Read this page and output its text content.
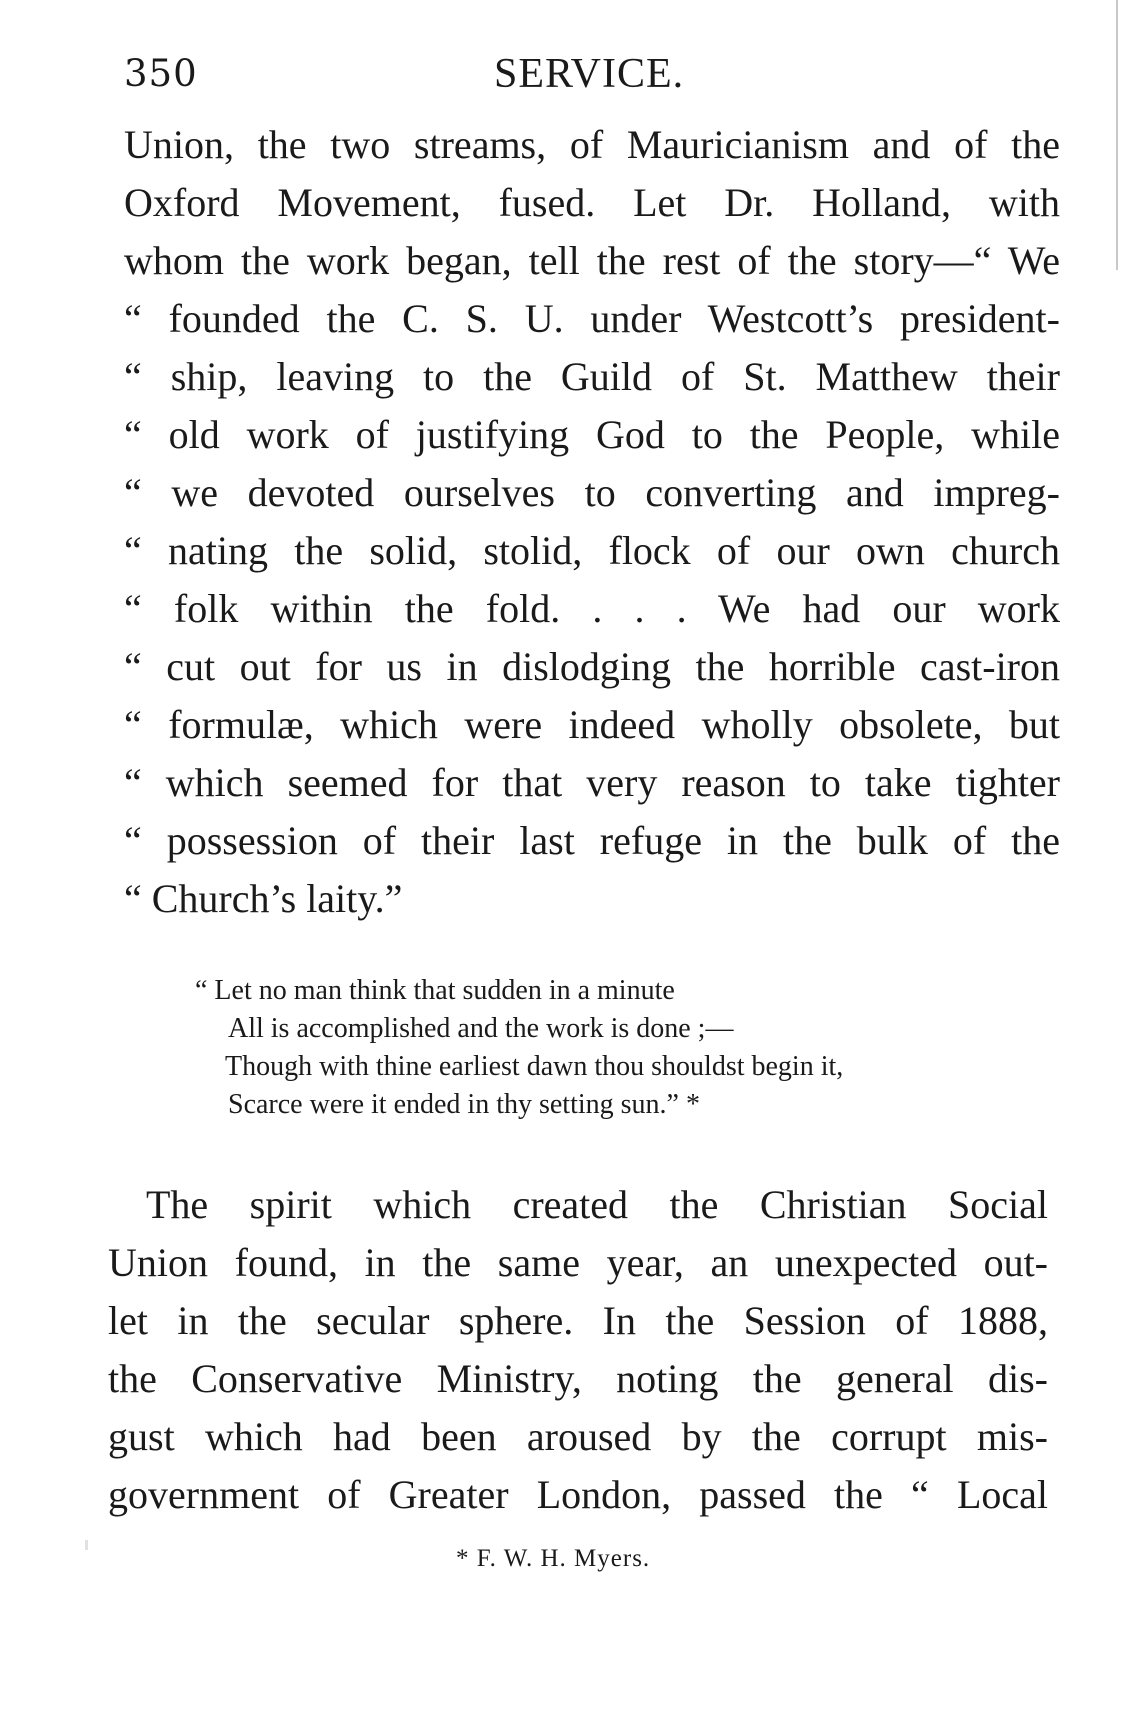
350	SERVICE.
Union, the two streams, of Mauricianism and of the
Oxford Movement, fused. Let Dr. Holland, with
whom the work began, tell the rest of the story—“ We
“ founded the C. S. U. under Westcott’s president-
“ ship, leaving to the Guild of St. Matthew their
“ old work of justifying God to the People, while
“ we devoted ourselves to converting and impreg-
“ nating the solid, stolid, flock of our own church
“ folk within the fold. . . . We had our work
“ cut out for us in dislodging the horrible cast-iron
“ formulæ, which were indeed wholly obsolete, but
“ which seemed for that very reason to take tighter
“ possession of their last refuge in the bulk of the
“ Church’s laity.”
“ Let no man think that sudden in a minute
All is accomplished and the work is done ;—
Though with thine earliest dawn thou shouldst begin it,
Scarce were it ended in thy setting sun.” *
The spirit which created the Christian Social
Union found, in the same year, an unexpected out-
let in the secular sphere. In the Session of 1888,
the Conservative Ministry, noting the general dis-
gust which had been aroused by the corrupt mis-
government of Greater London, passed the “ Local
* F. W. H. Myers.
